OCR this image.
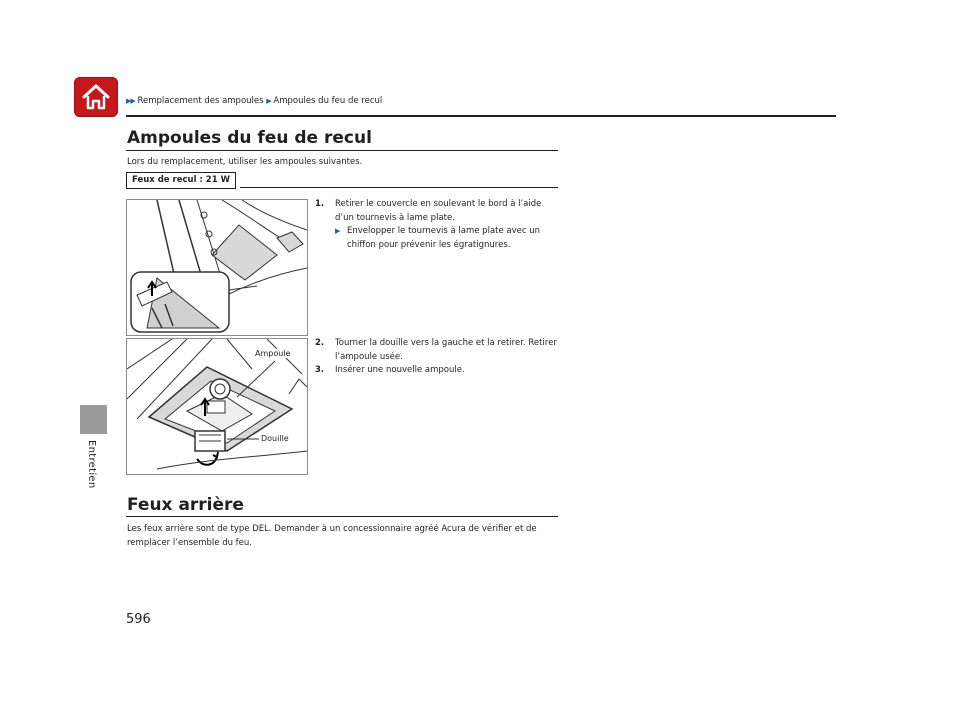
▶▶ Remplacement des ampoules ▶ Ampoules du feu de recul
Entretien
Ampoules du feu de recul
Lors du remplacement, utiliser les ampoules suivantes.
Feux de recul : 21 W
1.	Retirer le couvercle en soulevant le bord à l’aide d’un tournevis à lame plate.
▶ Envelopper le tournevis à lame plate avec un chiffon pour prévenir les égratignures.
Ampoule
Douille
2.	Tourner la douille vers la gauche et la retirer. Retirer l’ampoule usée.
3.	Insérer une nouvelle ampoule.
Feux arrière
Les feux arrière sont de type DEL. Demander à un concessionnaire agréé Acura de vérifier et de remplacer l’ensemble du feu.
596
